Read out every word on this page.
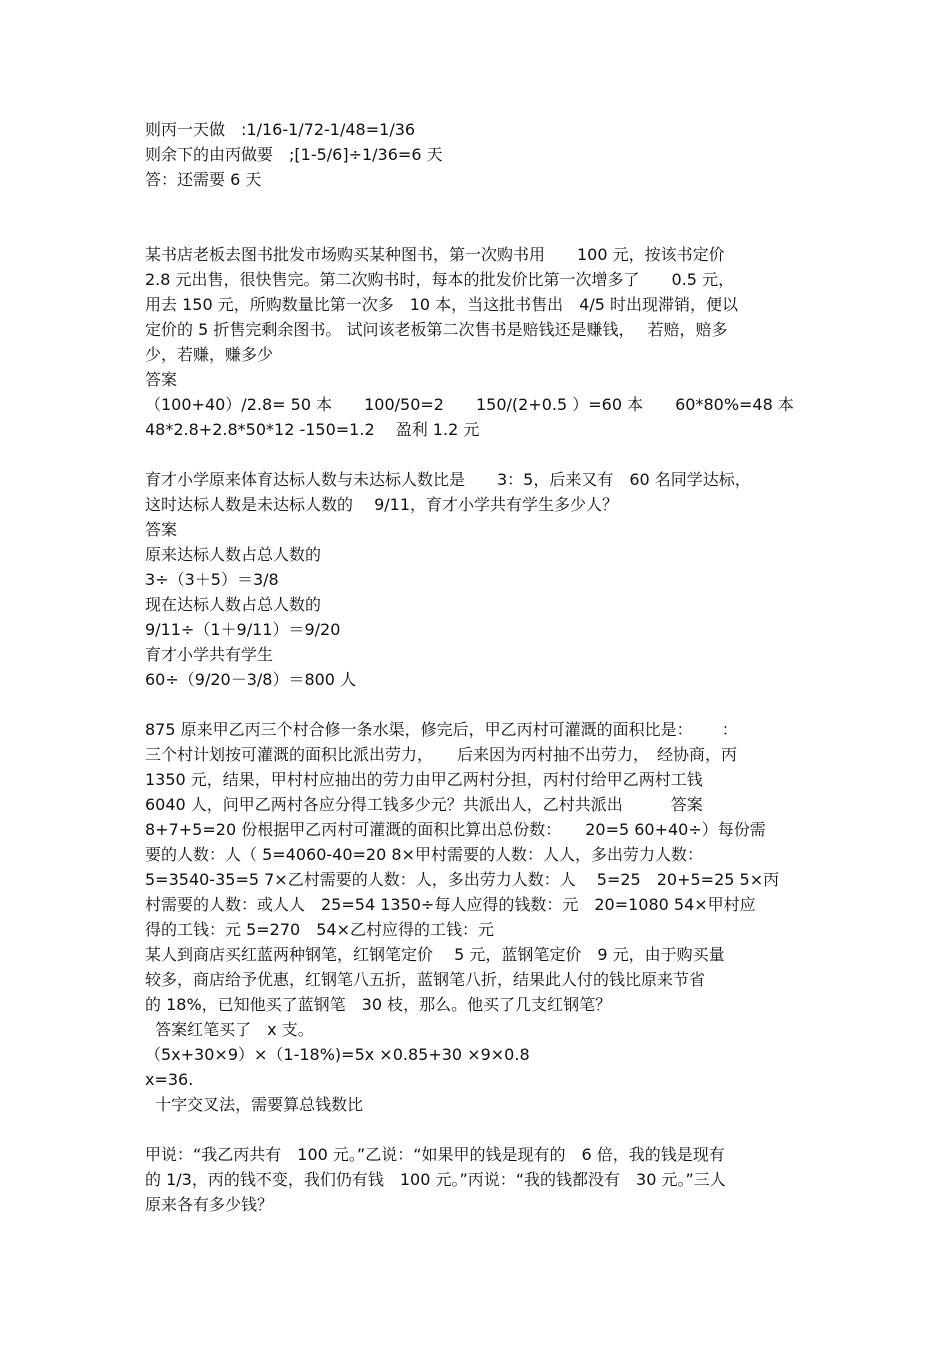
则丙一天做　:1/16-1/72-1/48=1/36
则余下的由丙做要　;[1-5/6]÷1/36=6 天
答：还需要 6 天
某书店老板去图书批发市场购买某种图书，第一次购书用　　100 元，按该书定价
2.8 元出售，很快售完。第二次购书时，每本的批发价比第一次增多了　　0.5 元，
用去 150 元，所购数量比第一次多　10 本，当这批书售出　4/5 时出现滞销，便以
定价的 5 折售完剩余图书。 试问该老板第二次售书是赔钱还是赚钱，　 若赔，赔多
少，若赚，赚多少
答案
（100+40）/2.8= 50 本　　100/50=2　　150/(2+0.5 ）=60 本　　60*80%=48 本
48*2.8+2.8*50*12 -150=1.2　 盈利 1.2 元
育才小学原来体育达标人数与未达标人数比是　　3：5，后来又有　60 名同学达标，
这时达标人数是未达标人数的　 9/11，育才小学共有学生多少人？
答案
原来达标人数占总人数的
3÷（3＋5）＝3/8
现在达标人数占总人数的
9/11÷（1＋9/11）＝9/20
育才小学共有学生
60÷（9/20－3/8）＝800 人
875 原来甲乙丙三个村合修一条水渠，修完后，甲乙丙村可灌溉的面积比是：　　 ：
三个村计划按可灌溉的面积比派出劳力，　　后来因为丙村抽不出劳力，　经协商，丙
1350 元，结果，甲村村应抽出的劳力由甲乙两村分担，丙村付给甲乙两村工钱
6040 人，问甲乙两村各应分得工钱多少元？共派出人，乙村共派出　　　答案
8+7+5=20 份根据甲乙丙村可灌溉的面积比算出总份数：　　20=5 60+40÷）每份需
要的人数：人（ 5=4060-40=20 8×甲村需要的人数：人人，多出劳力人数：
5=3540-35=5 7×乙村需要的人数：人，多出劳力人数：人　 5=25　20+5=25 5×丙
村需要的人数：或人人　25=54 1350÷每人应得的钱数：元　20=1080 54×甲村应
得的工钱：元 5=270　54×乙村应得的工钱：元
某人到商店买红蓝两种钢笔，红钢笔定价　 5 元，蓝钢笔定价　9 元，由于购买量
较多，商店给予优惠，红钢笔八五折，蓝钢笔八折，结果此人付的钱比原来节省
的 18%，已知他买了蓝钢笔　30 枝，那么。他买了几支红钢笔？
答案红笔买了　x 支。
（5x+30×9）×（1-18%)=5x ×0.85+30 ×9×0.8
x=36.
十字交叉法，需要算总钱数比
甲说：“我乙丙共有　100 元。”乙说：“如果甲的钱是现有的　6 倍，我的钱是现有
的 1/3，丙的钱不变，我们仍有钱　100 元。”丙说：“我的钱都没有　30 元。”三人
原来各有多少钱？
